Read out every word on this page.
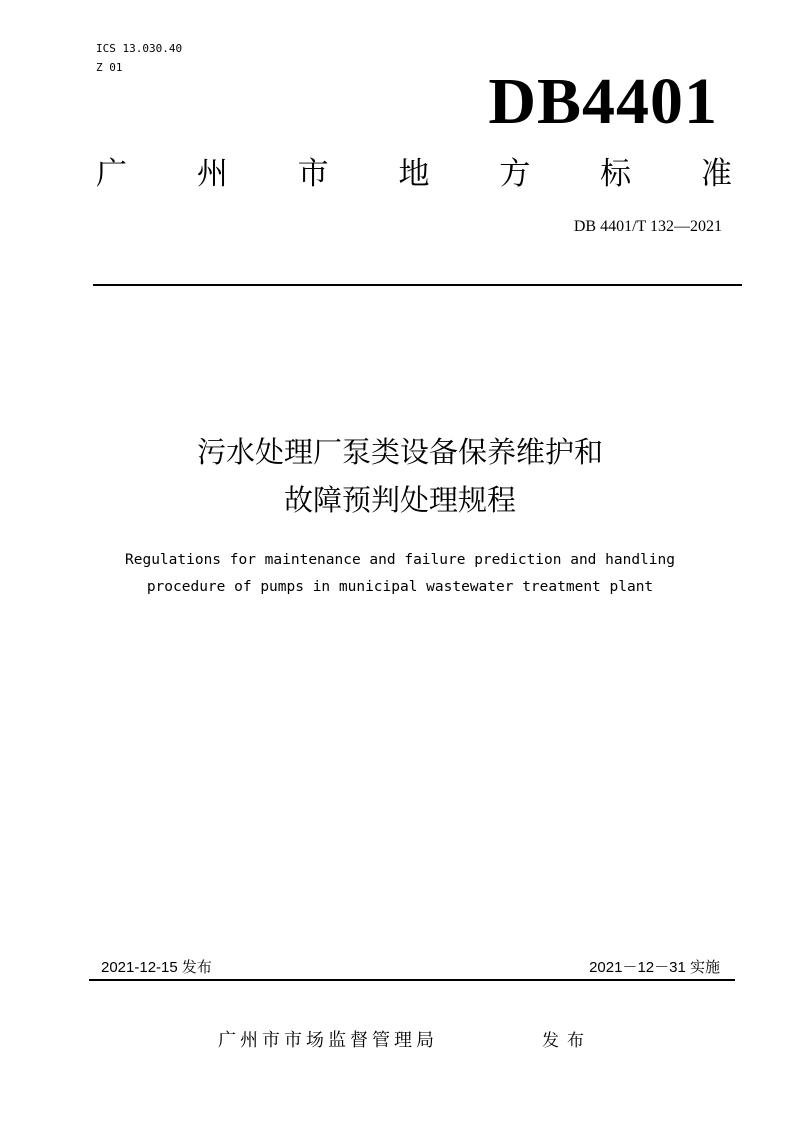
ICS 13.030.40
Z 01	DB4401
广 州 市 地 方 标 准
DB 4401/T 132—2021
污水处理厂泵类设备保养维护和
故障预判处理规程
Regulations for maintenance and failure prediction and handling
procedure of pumps in municipal wastewater treatment plant
2021-12-15 发布	2021－12－31 实施
广州市市场监督管理局	发布
